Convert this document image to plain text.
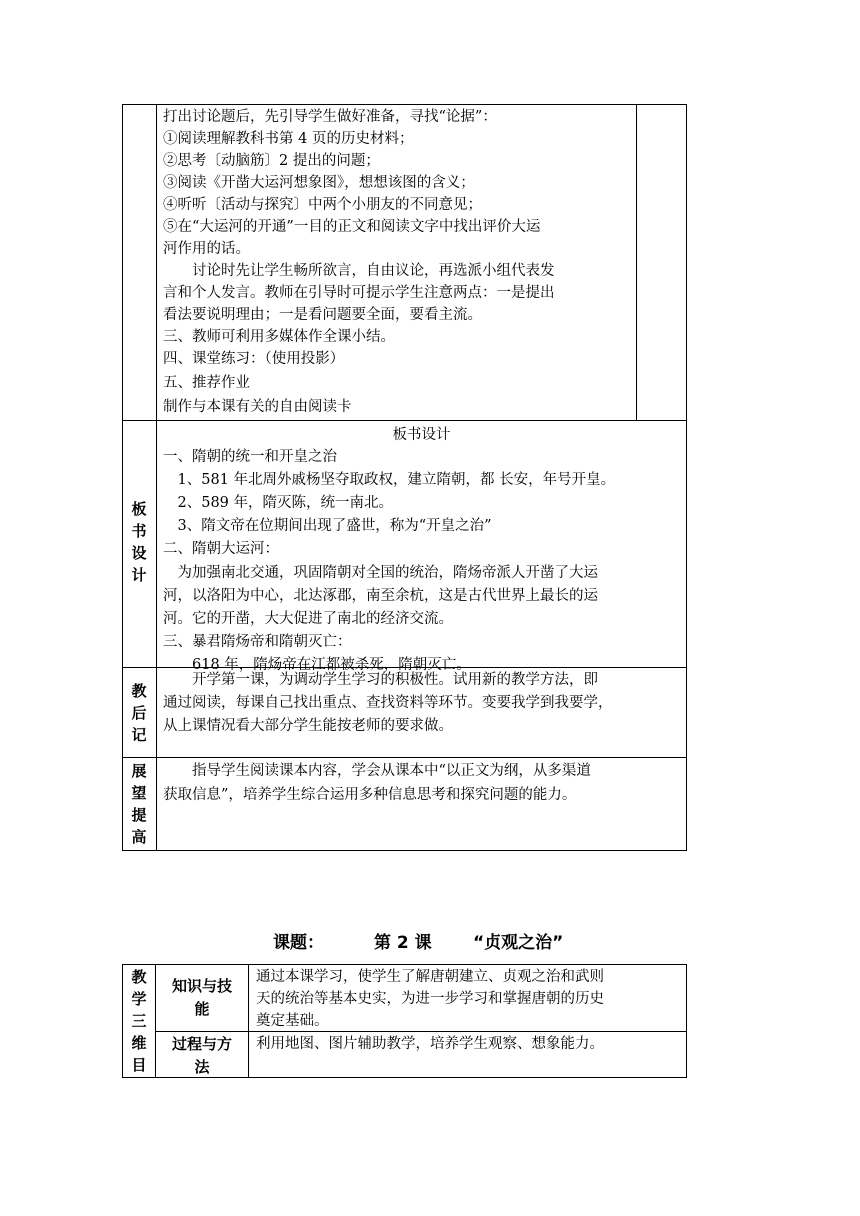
打出讨论题后，先引导学生做好准备，寻找“论据”：
①阅读理解教科书第 4 页的历史材料；
②思考〔动脑筋〕2 提出的问题；
③阅读《开凿大运河想象图》，想想该图的含义；
④听听〔活动与探究〕中两个小朋友的不同意见；
⑤在“大运河的开通”一目的正文和阅读文字中找出评价大运
河作用的话。
　　讨论时先让学生畅所欲言，自由议论，再选派小组代表发
言和个人发言。教师在引导时可提示学生注意两点：一是提出
看法要说明理由；一是看问题要全面，要看主流。
三、教师可利用多媒体作全课小结。
四、课堂练习：（使用投影）
五、推荐作业
制作与本课有关的自由阅读卡
板
书
设
计
板书设计
一、隋朝的统一和开皇之治
　1、581 年北周外戚杨坚夺取政权，建立隋朝，都 长安，年号开皇。
　2、589 年，隋灭陈，统一南北。
　3、隋文帝在位期间出现了盛世，称为“开皇之治”
二、隋朝大运河：
　为加强南北交通，巩固隋朝对全国的统治，隋炀帝派人开凿了大运
河，以洛阳为中心，北达涿郡，南至余杭，这是古代世界上最长的运
河。它的开凿，大大促进了南北的经济交流。
三、暴君隋炀帝和隋朝灭亡：
　　618 年，隋炀帝在江都被杀死，隋朝灭亡。
教
后
记
　　开学第一课，为调动学生学习的积极性。试用新的教学方法，即
通过阅读，每课自己找出重点、查找资料等环节。变要我学到我要学，
从上课情况看大部分学生能按老师的要求做。
展
望
提
高
　　指导学生阅读课本内容，学会从课本中“以正文为纲，从多渠道
获取信息”，培养学生综合运用多种信息思考和探究问题的能力。
课题：	第 2 课 “贞观之治”
教
学
三
维
目
知识与技
能
通过本课学习，使学生了解唐朝建立、贞观之治和武则
天的统治等基本史实，为进一步学习和掌握唐朝的历史
奠定基础。
过程与方
法
利用地图、图片辅助教学，培养学生观察、想象能力。
